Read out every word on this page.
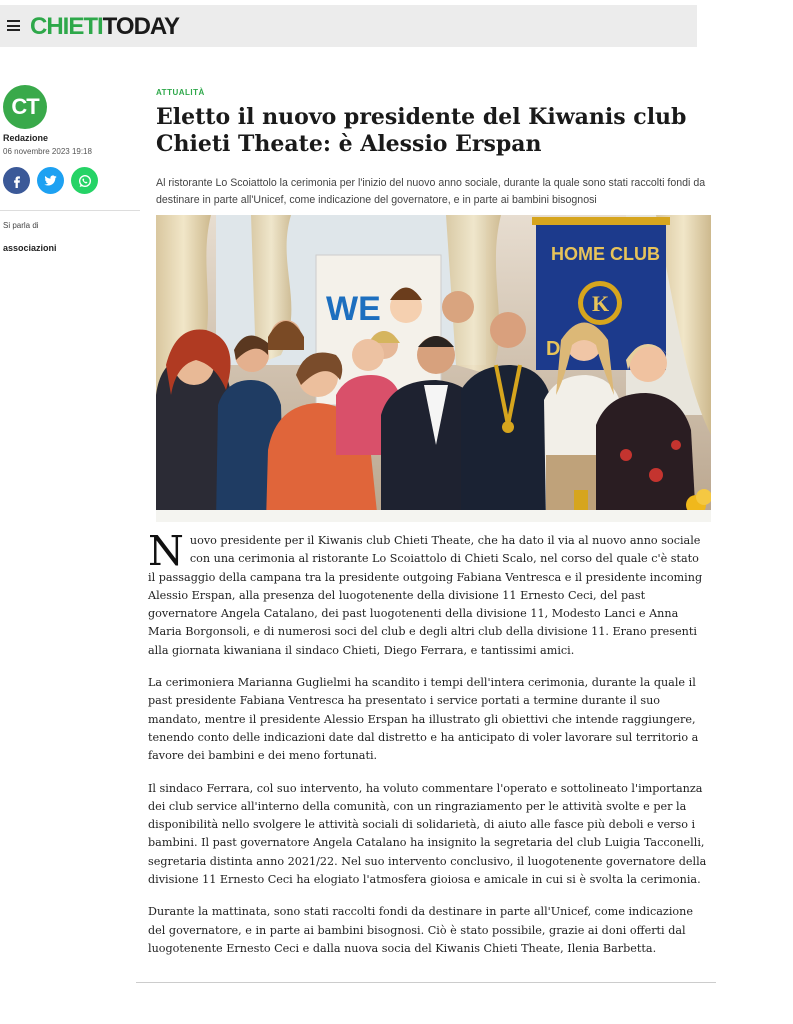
CHIETITODAY
CT
Redazione
06 novembre 2023 19:18
Si parla di
associazioni
ATTUALITÀ
Eletto il nuovo presidente del Kiwanis club Chieti Theate: è Alessio Erspan

Al ristorante Lo Scoiattolo la cerimonia per l'inizio del nuovo anno sociale, durante la quale sono stati raccolti fondi da destinare in parte all'Unicef, come indicazione del governatore, e in parte ai bambini bisognosi

WE
HOME CLUB
K
D

Nuovo presidente per il Kiwanis club Chieti Theate, che ha dato il via al nuovo anno sociale con una cerimonia al ristorante Lo Scoiattolo di Chieti Scalo, nel corso del quale c'è stato il passaggio della campana tra la presidente outgoing Fabiana Ventresca e il presidente incoming Alessio Erspan, alla presenza del luogotenente della divisione 11 Ernesto Ceci, del past governatore Angela Catalano, dei past luogotenenti della divisione 11, Modesto Lanci e Anna Maria Borgonsoli, e di numerosi soci del club e degli altri club della divisione 11. Erano presenti alla giornata kiwaniana il sindaco Chieti, Diego Ferrara, e tantissimi amici.

La cerimoniera Marianna Guglielmi ha scandito i tempi dell'intera cerimonia, durante la quale il past presidente Fabiana Ventresca ha presentato i service portati a termine durante il suo mandato, mentre il presidente Alessio Erspan ha illustrato gli obiettivi che intende raggiungere, tenendo conto delle indicazioni date dal distretto e ha anticipato di voler lavorare sul territorio a favore dei bambini e dei meno fortunati.

Il sindaco Ferrara, col suo intervento, ha voluto commentare l'operato e sottolineato l'importanza dei club service all'interno della comunità, con un ringraziamento per le attività svolte e per la disponibilità nello svolgere le attività sociali di solidarietà, di aiuto alle fasce più deboli e verso i bambini. Il past governatore Angela Catalano ha insignito la segretaria del club Luigia Tacconelli, segretaria distinta anno 2021/22. Nel suo intervento conclusivo, il luogotenente governatore della divisione 11 Ernesto Ceci ha elogiato l'atmosfera gioiosa e amicale in cui si è svolta la cerimonia.

Durante la mattinata, sono stati raccolti fondi da destinare in parte all'Unicef, come indicazione del governatore, e in parte ai bambini bisognosi. Ciò è stato possibile, grazie ai doni offerti dal luogotenente Ernesto Ceci e dalla nuova socia del Kiwanis Chieti Theate, Ilenia Barbetta.
